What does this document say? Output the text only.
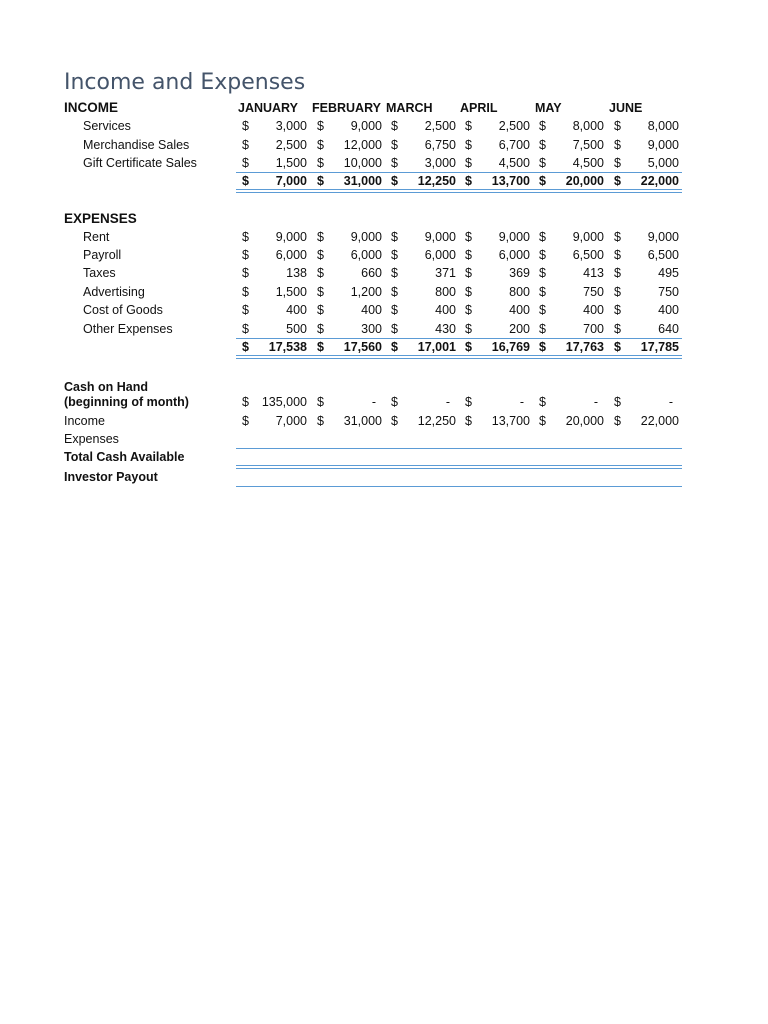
Income and Expenses
INCOME	JANUARY FEBRUARY MARCH APRIL	MAY	JUNE
Services	$ 3,000 $ 9,000 $ 2,500 $ 2,500 $ 8,000 $ 8,000
Merchandise Sales	$ 2,500 $ 12,000 $ 6,750 $ 6,700 $ 7,500 $ 9,000
Gift Certificate Sales	$ 1,500 $ 10,000 $ 3,000 $ 4,500 $ 4,500 $ 5,000
$ 7,000 $ 31,000 $ 12,250 $ 13,700 $ 20,000 $ 22,000
EXPENSES
Rent	$ 9,000 $ 9,000 $ 9,000 $ 9,000 $ 9,000 $ 9,000
Payroll	$ 6,000 $ 6,000 $ 6,000 $ 6,000 $ 6,500 $ 6,500
Taxes	$	138 $	660 $	371 $	369 $	413 $	495
Advertising	$ 1,500 $ 1,200 $	800 $	800 $	750 $	750
Cost of Goods	$	400 $	400 $	400 $	400 $	400 $	400
Other Expenses	$	500 $	300 $	430 $	200 $	700 $	640
$ 17,538 $ 17,560 $ 17,001 $ 16,769 $ 17,763 $ 17,785
Cash on Hand
(beginning of month)	$ 135,000 $	- $	- $	- $	- $	-
Income	$ 7,000 $ 31,000 $ 12,250 $ 13,700 $ 20,000 $ 22,000
Expenses
Total Cash Available
Investor Payout
